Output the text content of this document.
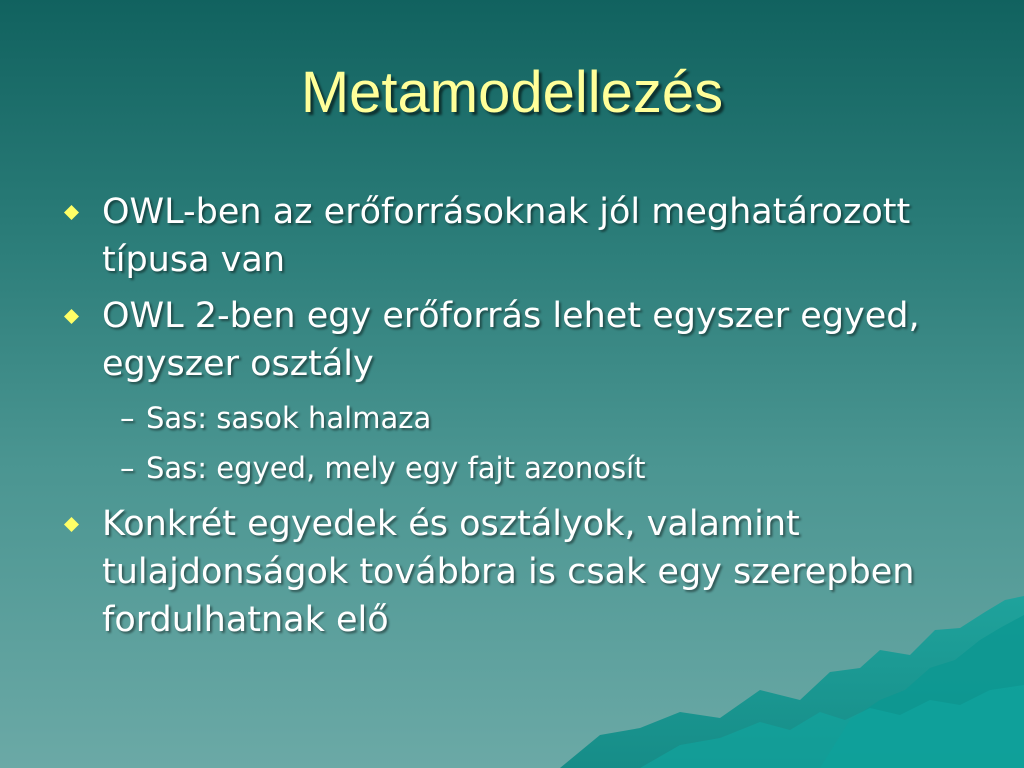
Metamodellezés
OWL-ben az erőforrásoknak jól meghatározott típusa van
OWL 2-ben egy erőforrás lehet egyszer egyed, egyszer osztály
– Sas: sasok halmaza
– Sas: egyed, mely egy fajt azonosít
Konkrét egyedek és osztályok, valamint tulajdonságok továbbra is csak egy szerepben fordulhatnak elő
